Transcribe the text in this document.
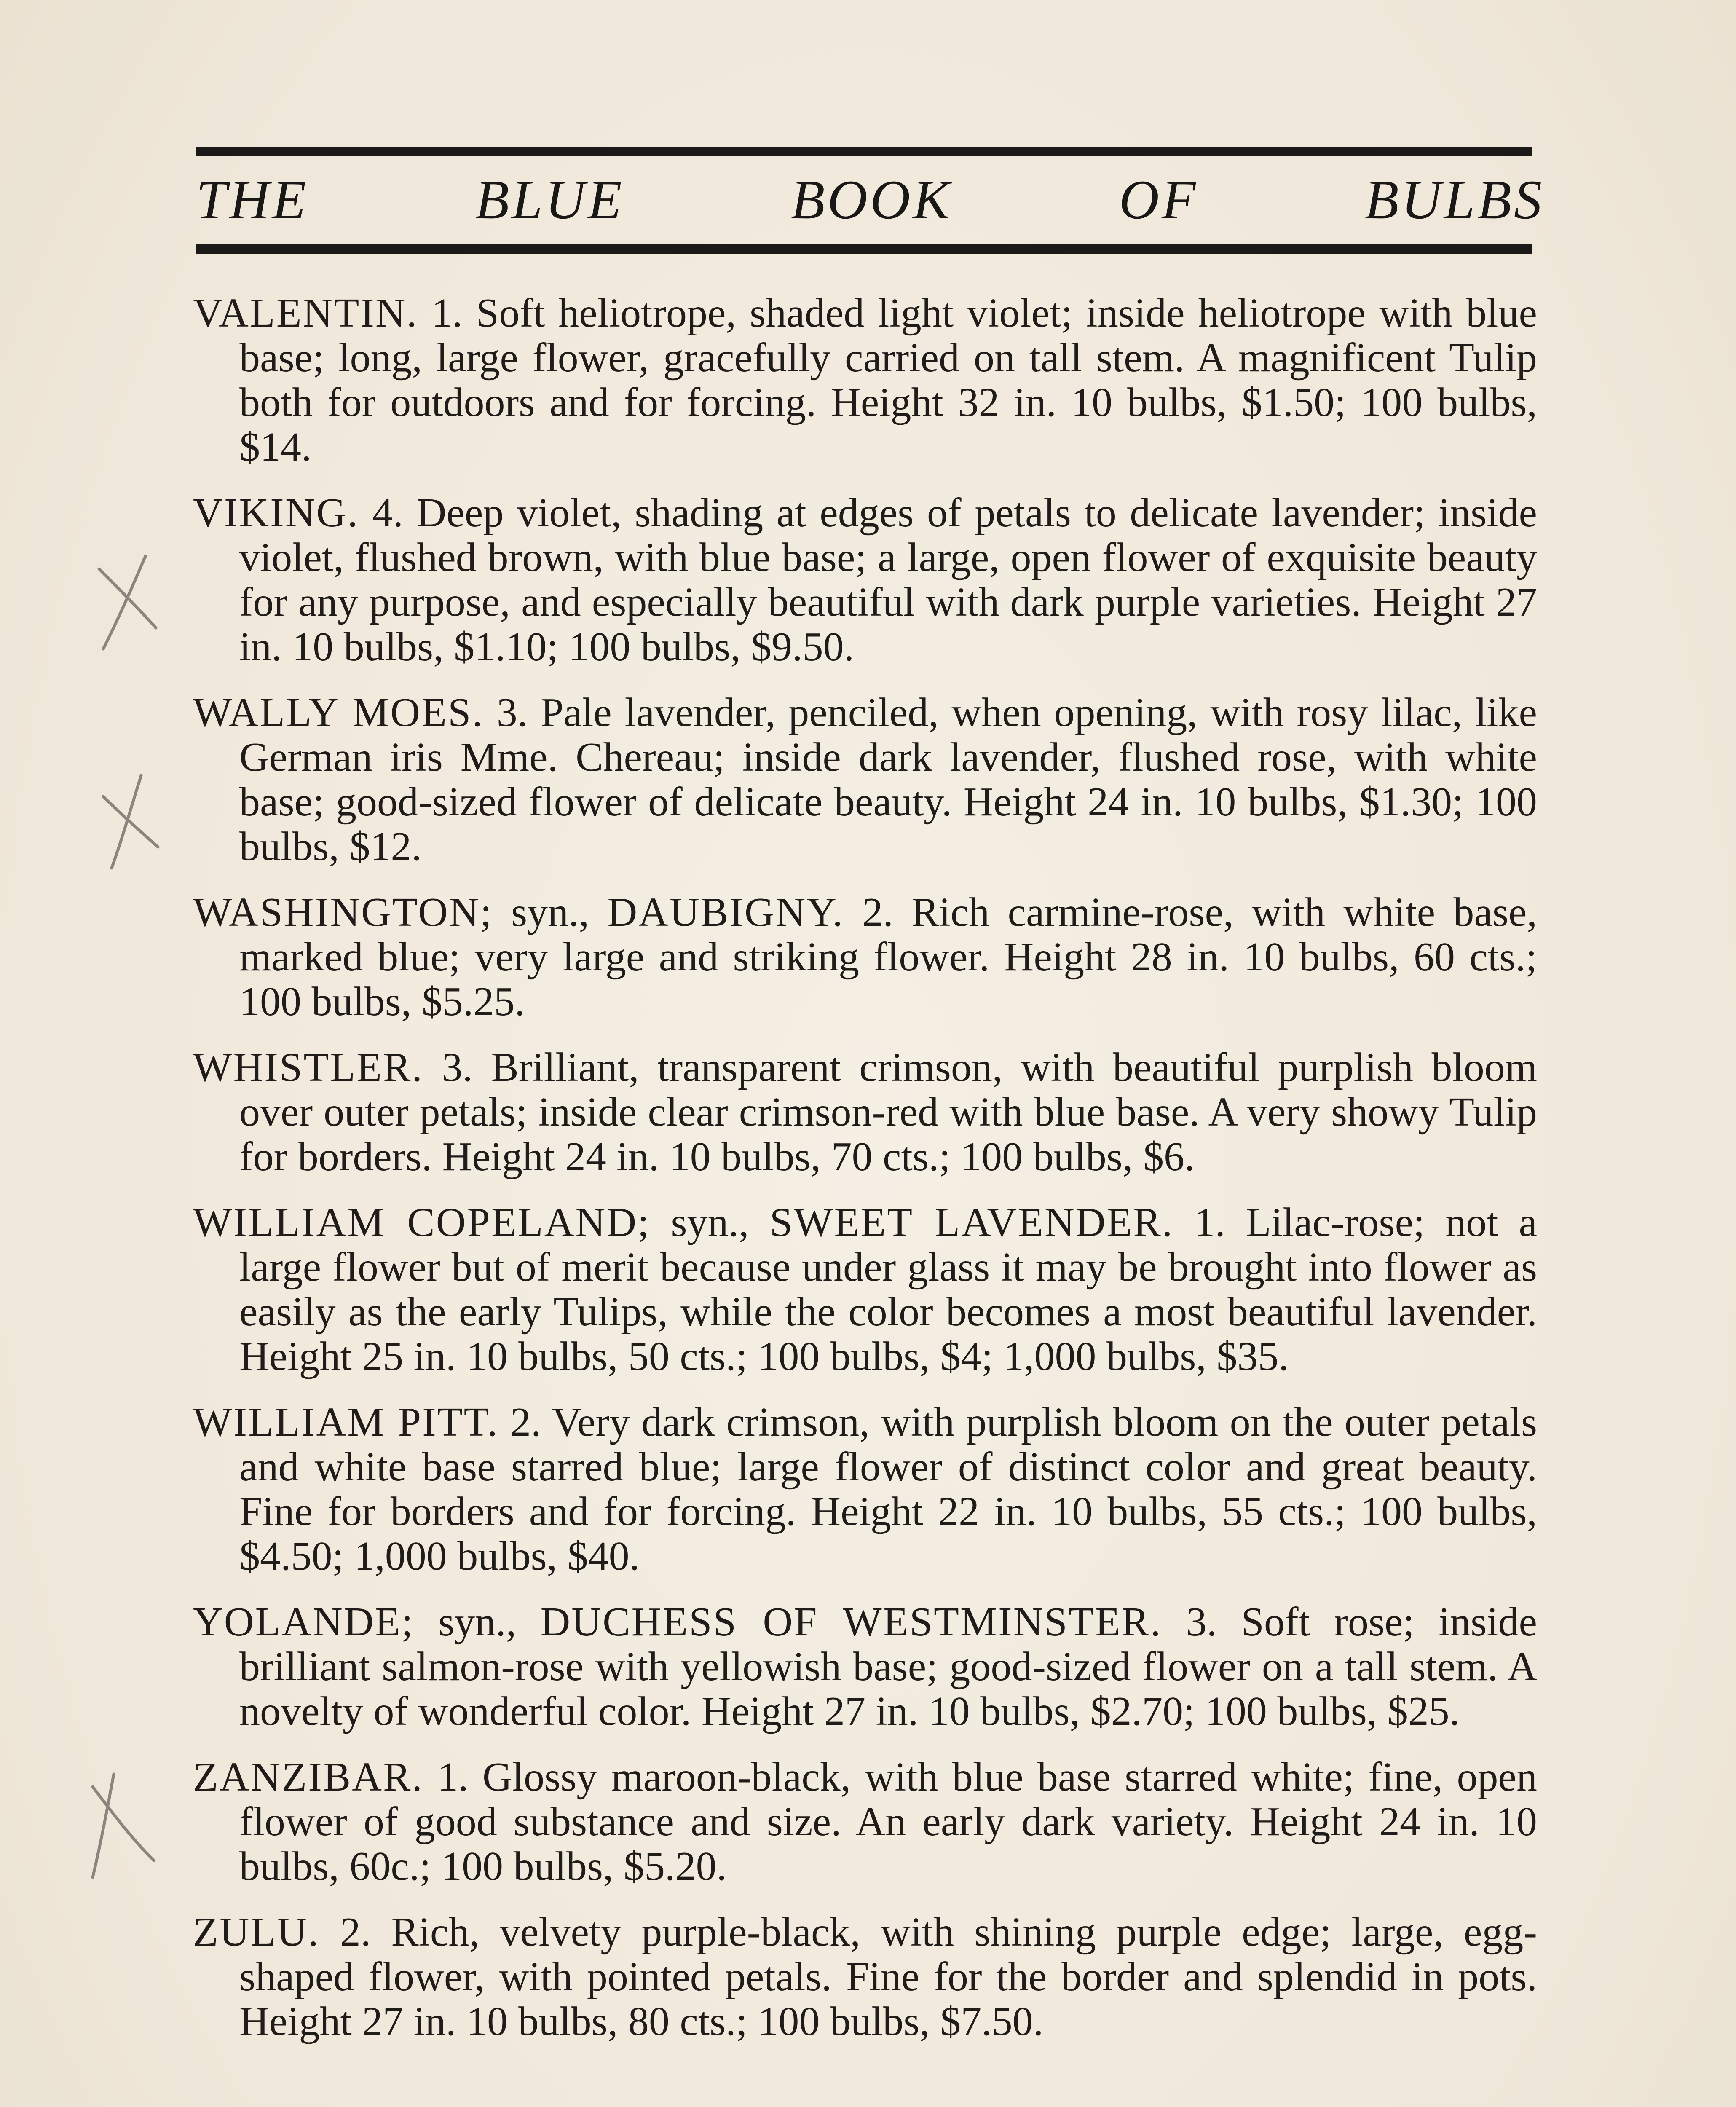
THE	BLUE	BOOK	OF	BULBS

VALENTIN. 1. Soft heliotrope, shaded light violet; inside heliotrope with blue base; long, large flower, gracefully carried on tall stem. A magnificent Tulip both for outdoors and for forcing. Height 32 in. 10 bulbs, $1.50; 100 bulbs, $14.

VIKING. 4. Deep violet, shading at edges of petals to delicate lavender; inside violet, flushed brown, with blue base; a large, open flower of exquisite beauty for any purpose, and especially beautiful with dark purple varieties. Height 27 in. 10 bulbs, $1.10; 100 bulbs, $9.50.

WALLY MOES. 3. Pale lavender, penciled, when opening, with rosy lilac, like German iris Mme. Chereau; inside dark lavender, flushed rose, with white base; good-sized flower of delicate beauty. Height 24 in. 10 bulbs, $1.30; 100 bulbs, $12.

WASHINGTON; syn., DAUBIGNY. 2. Rich carmine-rose, with white base, marked blue; very large and striking flower. Height 28 in. 10 bulbs, 60 cts.; 100 bulbs, $5.25.

WHISTLER. 3. Brilliant, transparent crimson, with beautiful purplish bloom over outer petals; inside clear crimson-red with blue base. A very showy Tulip for borders. Height 24 in. 10 bulbs, 70 cts.; 100 bulbs, $6.

WILLIAM COPELAND; syn., SWEET LAVENDER. 1. Lilac-rose; not a large flower but of merit because under glass it may be brought into flower as easily as the early Tulips, while the color becomes a most beautiful lavender. Height 25 in. 10 bulbs, 50 cts.; 100 bulbs, $4; 1,000 bulbs, $35.

WILLIAM PITT. 2. Very dark crimson, with purplish bloom on the outer petals and white base starred blue; large flower of distinct color and great beauty. Fine for borders and for forcing. Height 22 in. 10 bulbs, 55 cts.; 100 bulbs, $4.50; 1,000 bulbs, $40.

YOLANDE; syn., DUCHESS OF WESTMINSTER. 3. Soft rose; inside brilliant salmon-rose with yellowish base; good-sized flower on a tall stem. A novelty of wonderful color. Height 27 in. 10 bulbs, $2.70; 100 bulbs, $25.

ZANZIBAR. 1. Glossy maroon-black, with blue base starred white; fine, open flower of good substance and size. An early dark variety. Height 24 in. 10 bulbs, 60c.; 100 bulbs, $5.20.

ZULU. 2. Rich, velvety purple-black, with shining purple edge; large, egg-shaped flower, with pointed petals. Fine for the border and splendid in pots. Height 27 in. 10 bulbs, 80 cts.; 100 bulbs, $7.50.
